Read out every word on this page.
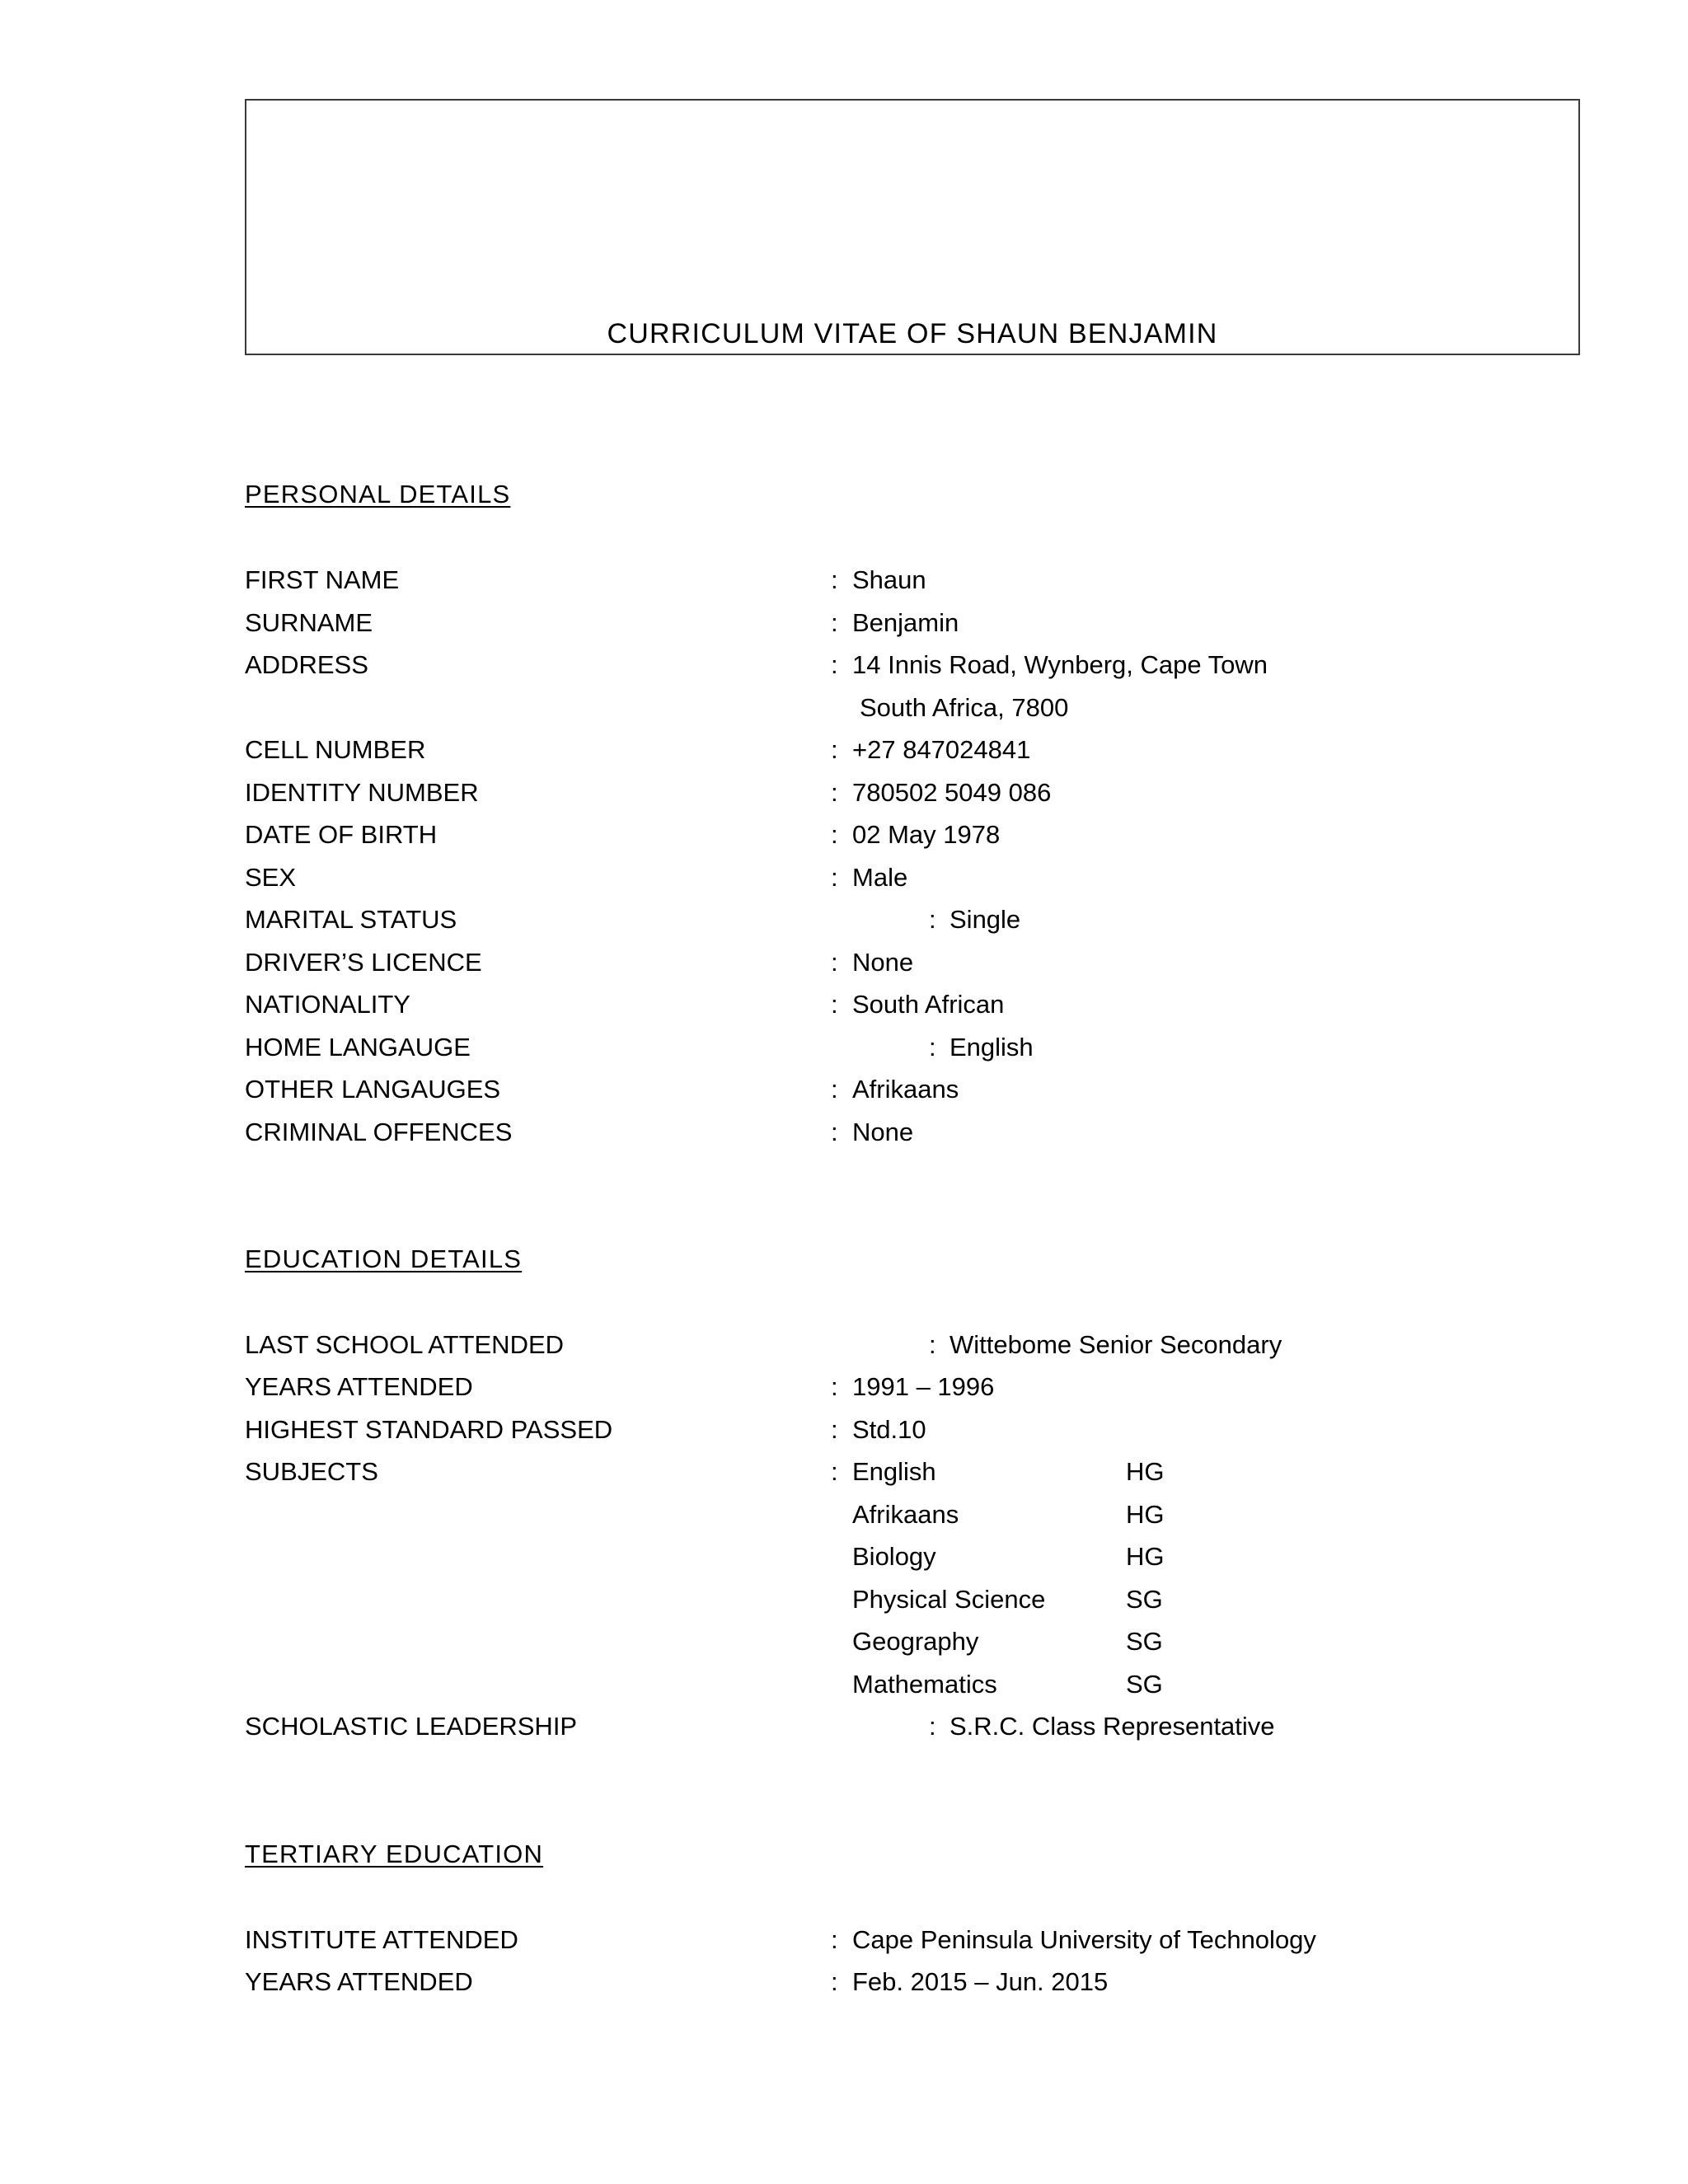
CURRICULUM VITAE OF SHAUN BENJAMIN
PERSONAL DETAILS
FIRST NAME	: Shaun
SURNAME	: Benjamin
ADDRESS	: 14 Innis Road, Wynberg, Cape Town
South Africa, 7800
CELL NUMBER	: +27 847024841
IDENTITY NUMBER	: 780502 5049 086
DATE OF BIRTH	: 02 May 1978
SEX	: Male
MARITAL STATUS	: Single
DRIVER’S LICENCE	: None
NATIONALITY	: South African
HOME LANGAUGE	: English
OTHER LANGAUGES	: Afrikaans
CRIMINAL OFFENCES	: None
EDUCATION DETAILS
LAST SCHOOL ATTENDED	: Wittebome Senior Secondary
YEARS ATTENDED	: 1991 – 1996
HIGHEST STANDARD PASSED	: Std.10
SUBJECTS	: English	HG
Afrikaans	HG
Biology	HG
Physical Science	SG
Geography	SG
Mathematics	SG
SCHOLASTIC LEADERSHIP	: S.R.C. Class Representative
TERTIARY EDUCATION
INSTITUTE ATTENDED	: Cape Peninsula University of Technology
YEARS ATTENDED	: Feb. 2015 – Jun. 2015
